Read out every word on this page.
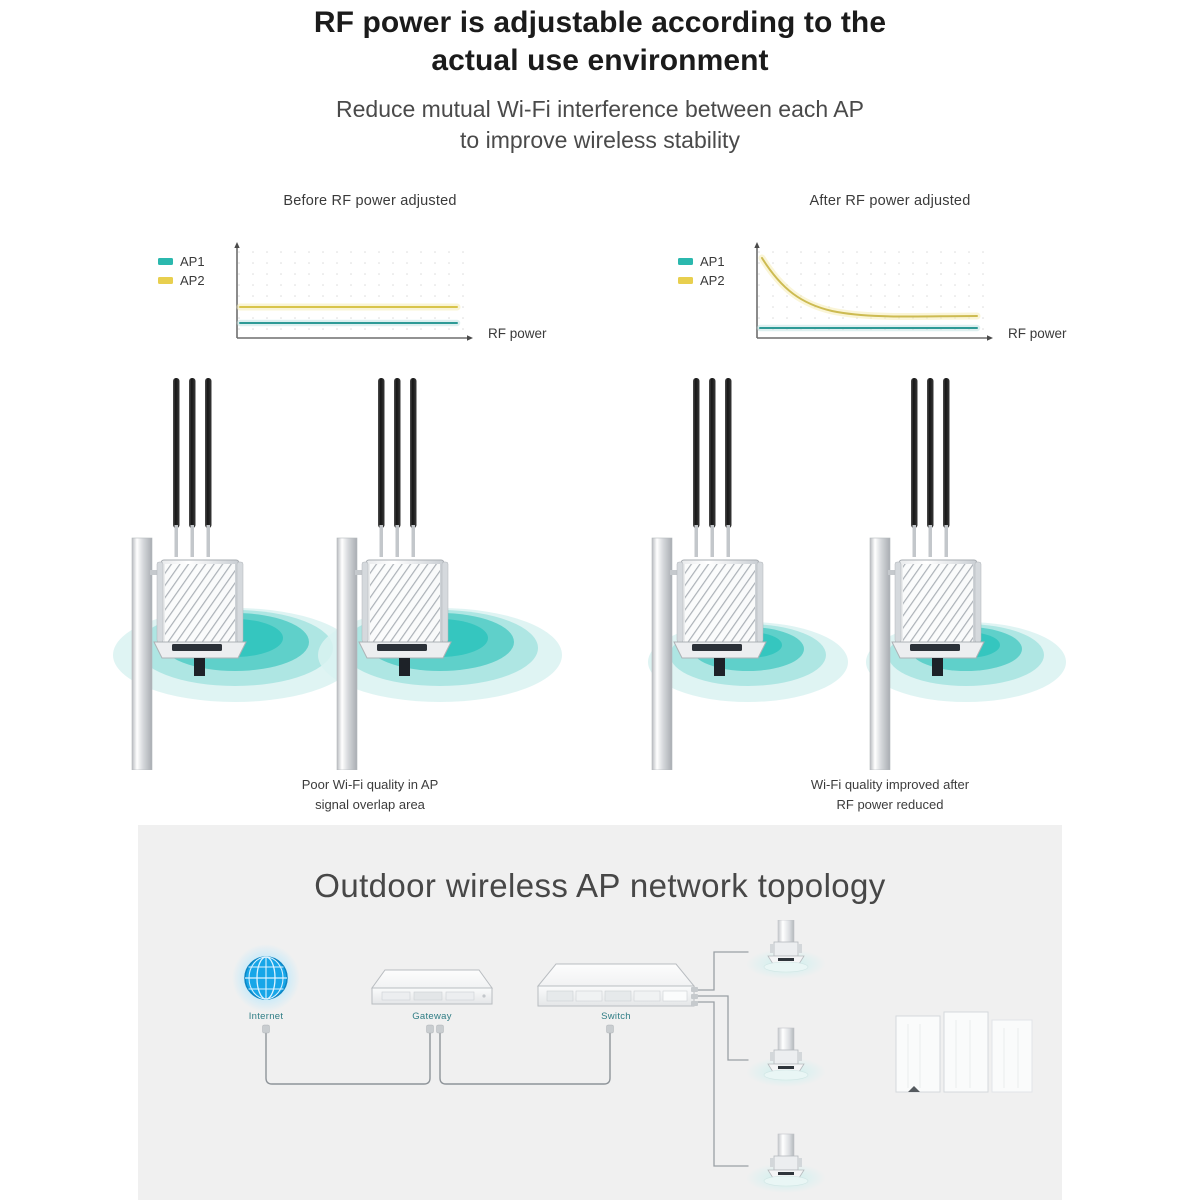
RF power is adjustable according to the
actual use environment
Reduce mutual Wi-Fi interference between each AP
to improve wireless stability
Before RF power adjusted
AP1
AP2
RF power
Poor Wi-Fi quality in AP
signal overlap area
After RF power adjusted
AP1
AP2
RF power
Wi-Fi quality improved after
RF power reduced
Outdoor wireless AP network topology
Internet	Gateway	Switch
